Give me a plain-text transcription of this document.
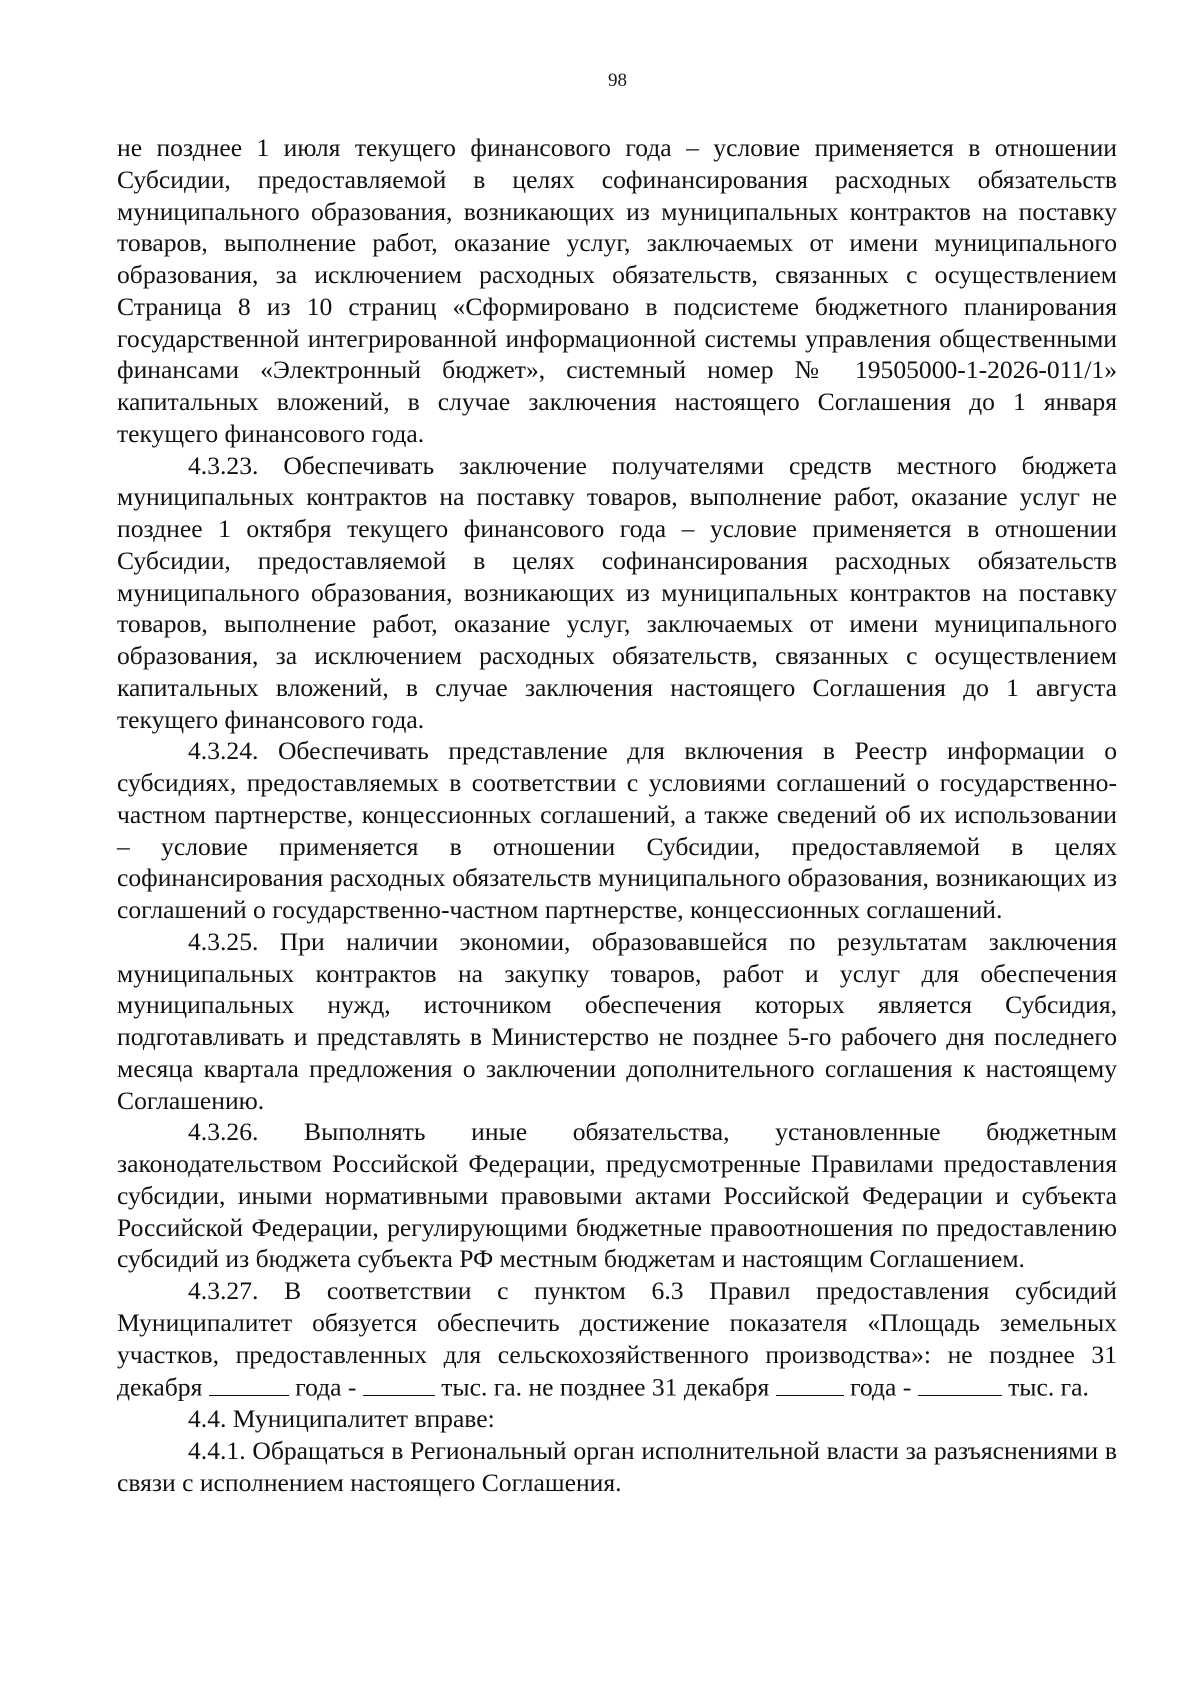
98

не позднее 1 июля текущего финансового года – условие применяется в отношении Субсидии, предоставляемой в целях софинансирования расходных обязательств муниципального образования, возникающих из муниципальных контрактов на поставку товаров, выполнение работ, оказание услуг, заключаемых от имени муниципального образования, за исключением расходных обязательств, связанных с осуществлением Страница 8 из 10 страниц «Сформировано в подсистеме бюджетного планирования государственной интегрированной информационной системы управления общественными финансами «Электронный бюджет», системный номер № 19505000-1-2026-011/1» капитальных вложений, в случае заключения настоящего Соглашения до 1 января текущего финансового года.

4.3.23. Обеспечивать заключение получателями средств местного бюджета муниципальных контрактов на поставку товаров, выполнение работ, оказание услуг не позднее 1 октября текущего финансового года – условие применяется в отношении Субсидии, предоставляемой в целях софинансирования расходных обязательств муниципального образования, возникающих из муниципальных контрактов на поставку товаров, выполнение работ, оказание услуг, заключаемых от имени муниципального образования, за исключением расходных обязательств, связанных с осуществлением капитальных вложений, в случае заключения настоящего Соглашения до 1 августа текущего финансового года.

4.3.24. Обеспечивать представление для включения в Реестр информации о субсидиях, предоставляемых в соответствии с условиями соглашений о государственно-частном партнерстве, концессионных соглашений, а также сведений об их использовании – условие применяется в отношении Субсидии, предоставляемой в целях софинансирования расходных обязательств муниципального образования, возникающих из соглашений о государственно-частном партнерстве, концессионных соглашений.

4.3.25. При наличии экономии, образовавшейся по результатам заключения муниципальных контрактов на закупку товаров, работ и услуг для обеспечения муниципальных нужд, источником обеспечения которых является Субсидия, подготавливать и представлять в Министерство не позднее 5-го рабочего дня последнего месяца квартала предложения о заключении дополнительного соглашения к настоящему Соглашению.

4.3.26. Выполнять иные обязательства, установленные бюджетным законодательством Российской Федерации, предусмотренные Правилами предоставления субсидии, иными нормативными правовыми актами Российской Федерации и субъекта Российской Федерации, регулирующими бюджетные правоотношения по предоставлению субсидий из бюджета субъекта РФ местным бюджетам и настоящим Соглашением.

4.3.27. В соответствии с пунктом 6.3 Правил предоставления субсидий Муниципалитет обязуется обеспечить достижение показателя «Площадь земельных участков, предоставленных для сельскохозяйственного производства»: не позднее 31 декабря	года -	тыс. га. не позднее 31 декабря	года -	тыс. га.

4.4. Муниципалитет вправе:

4.4.1. Обращаться в Региональный орган исполнительной власти за разъяснениями в связи с исполнением настоящего Соглашения.
